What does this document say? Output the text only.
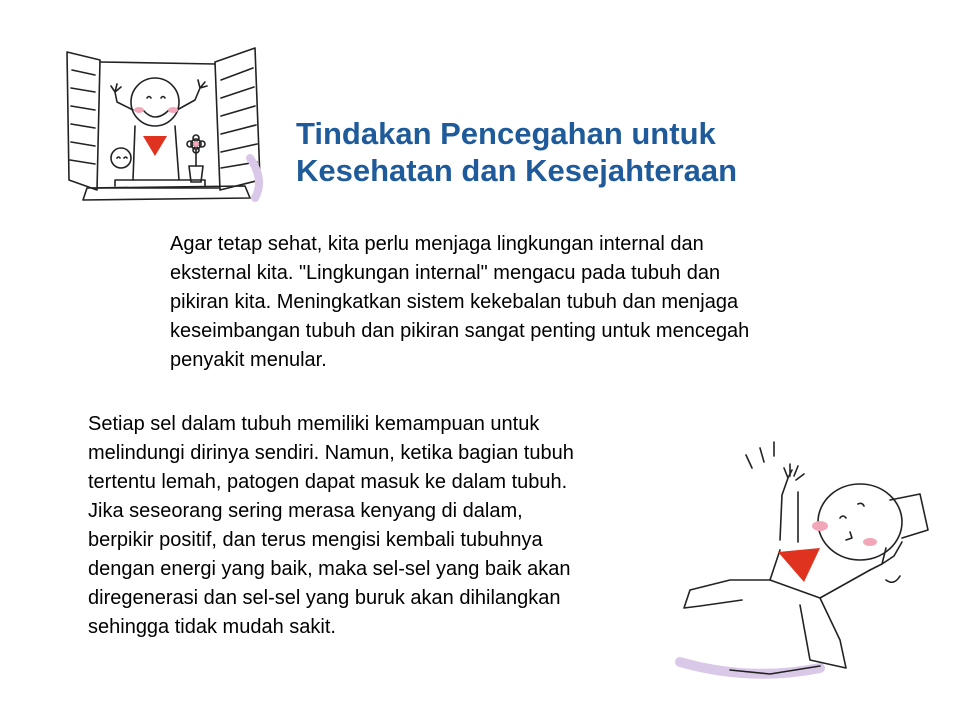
Tindakan Pencegahan untuk
Kesehatan dan Kesejahteraan

Agar tetap sehat, kita perlu menjaga lingkungan internal dan
eksternal kita. "Lingkungan internal" mengacu pada tubuh dan
pikiran kita. Meningkatkan sistem kekebalan tubuh dan menjaga
keseimbangan tubuh dan pikiran sangat penting untuk mencegah
penyakit menular.

Setiap sel dalam tubuh memiliki kemampuan untuk
melindungi dirinya sendiri. Namun, ketika bagian tubuh
tertentu lemah, patogen dapat masuk ke dalam tubuh.
Jika seseorang sering merasa kenyang di dalam,
berpikir positif, dan terus mengisi kembali tubuhnya
dengan energi yang baik, maka sel-sel yang baik akan
diregenerasi dan sel-sel yang buruk akan dihilangkan
sehingga tidak mudah sakit.
